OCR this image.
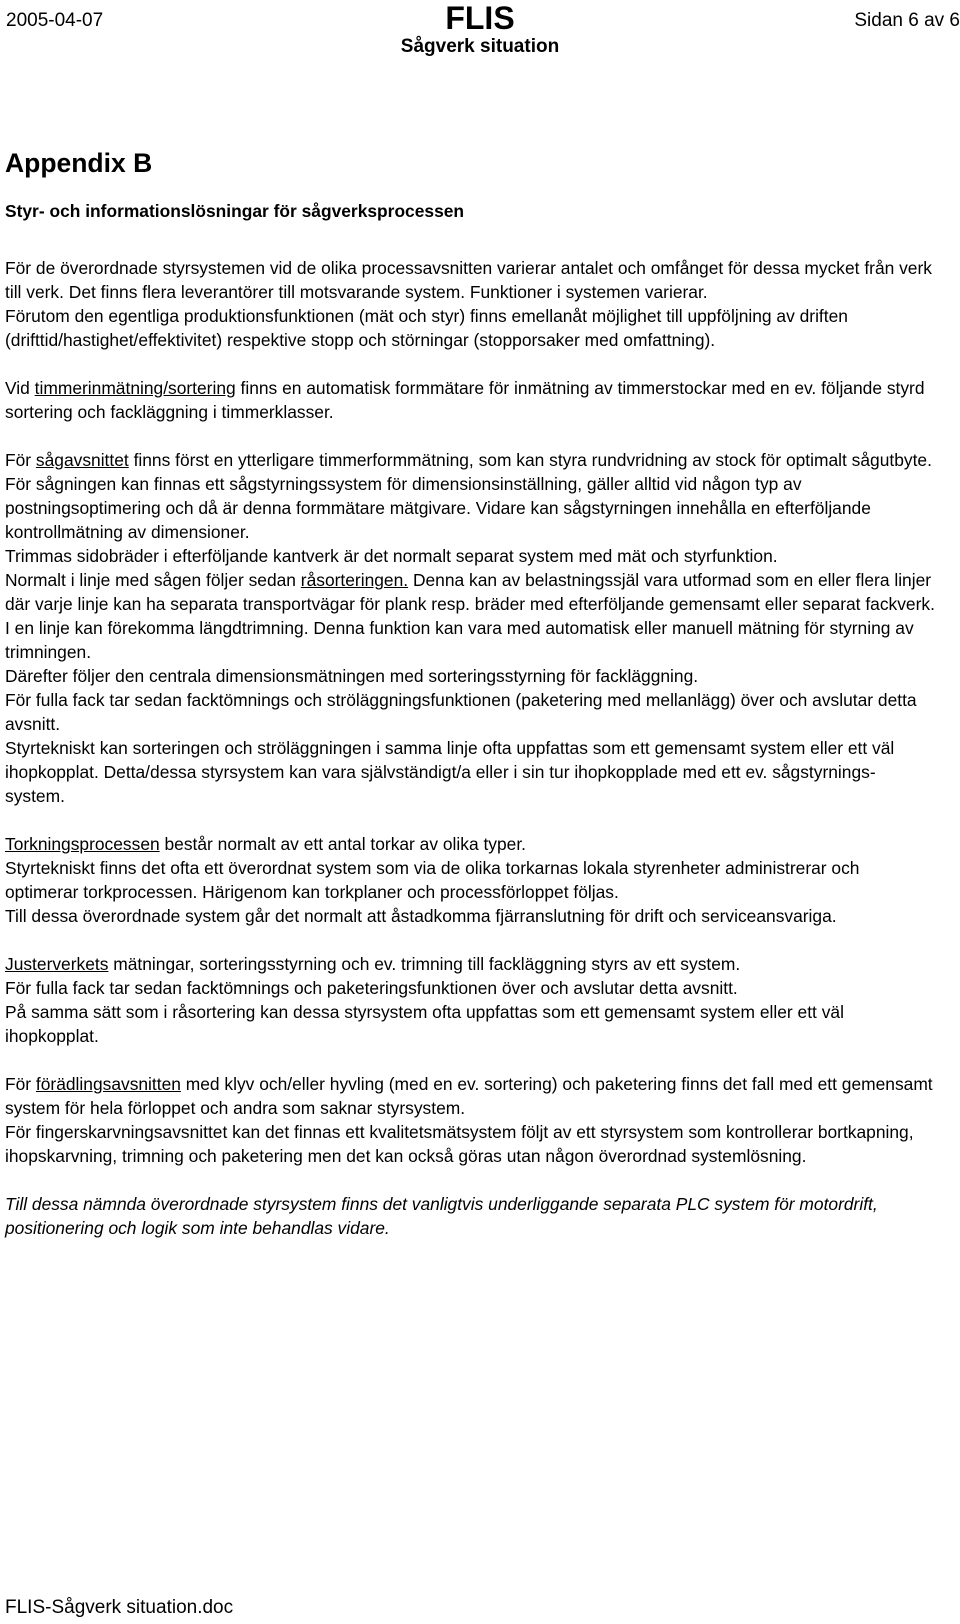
2005-04-07	FLIS
Sågverk situation
Sidan 6 av 6
Appendix B
Styr- och informationslösningar för sågverksprocessen

För de överordnade styrsystemen vid de olika processavsnitten varierar antalet och omfånget för dessa mycket från verk till verk. Det finns flera leverantörer till motsvarande system. Funktioner i systemen varierar.

Förutom den egentliga produktionsfunktionen (mät och styr) finns emellanåt möjlighet till uppföljning av driften (drifttid/hastighet/effektivitet) respektive stopp och störningar (stopporsaker med omfattning).

Vid timmerinmätning/sortering finns en automatisk formmätare för inmätning av timmerstockar med en ev. följande styrd sortering och fackläggning i timmerklasser.

För sågavsnittet finns först en ytterligare timmerformmätning, som kan styra rundvridning av stock för optimalt sågutbyte. För sågningen kan finnas ett sågstyrningssystem för dimensionsinställning, gäller alltid vid någon typ av postningsoptimering och då är denna formmätare mätgivare. Vidare kan sågstyrningen innehålla en efterföljande kontrollmätning av dimensioner.

Trimmas sidobräder i efterföljande kantverk är det normalt separat system med mät och styrfunktion.

Normalt i linje med sågen följer sedan råsorteringen. Denna kan av belastningssjäl vara utformad som en eller flera linjer där varje linje kan ha separata transportvägar för plank resp. bräder med efterföljande gemensamt eller separat fackverk.

I en linje kan förekomma längdtrimning. Denna funktion kan vara med automatisk eller manuell mätning för styrning av trimningen.

Därefter följer den centrala dimensionsmätningen med sorteringsstyrning för fackläggning.

För fulla fack tar sedan facktömnings och ströläggningsfunktionen (paketering med mellanlägg) över och avslutar detta avsnitt.

Styrtekniskt kan sorteringen och ströläggningen i samma linje ofta uppfattas som ett gemensamt system eller ett väl ihopkopplat. Detta/dessa styrsystem kan vara självständigt/a eller i sin tur ihopkopplade med ett ev. sågstyrnings-system.

Torkningsprocessen består normalt av ett antal torkar av olika typer.

Styrtekniskt finns det ofta ett överordnat system som via de olika torkarnas lokala styrenheter administrerar och optimerar torkprocessen. Härigenom kan torkplaner och processförloppet följas.

Till dessa överordnade system går det normalt att åstadkomma fjärranslutning för drift och serviceansvariga.

Justerverkets mätningar, sorteringsstyrning och ev. trimning till fackläggning styrs av ett system.

För fulla fack tar sedan facktömnings och paketeringsfunktionen över och avslutar detta avsnitt.

På samma sätt som i råsortering kan dessa styrsystem ofta uppfattas som ett gemensamt system eller ett väl ihopkopplat.

För förädlingsavsnitten med klyv och/eller hyvling (med en ev. sortering) och paketering finns det fall med ett gemensamt system för hela förloppet och andra som saknar styrsystem.

För fingerskarvningsavsnittet kan det finnas ett kvalitetsmätsystem följt av ett styrsystem som kontrollerar bortkapning, ihopskarvning, trimning och paketering men det kan också göras utan någon överordnad systemlösning.

Till dessa nämnda överordnade styrsystem finns det vanligtvis underliggande separata PLC system för motordrift, positionering och logik som inte behandlas vidare.

FLIS-Sågverk situation.doc
